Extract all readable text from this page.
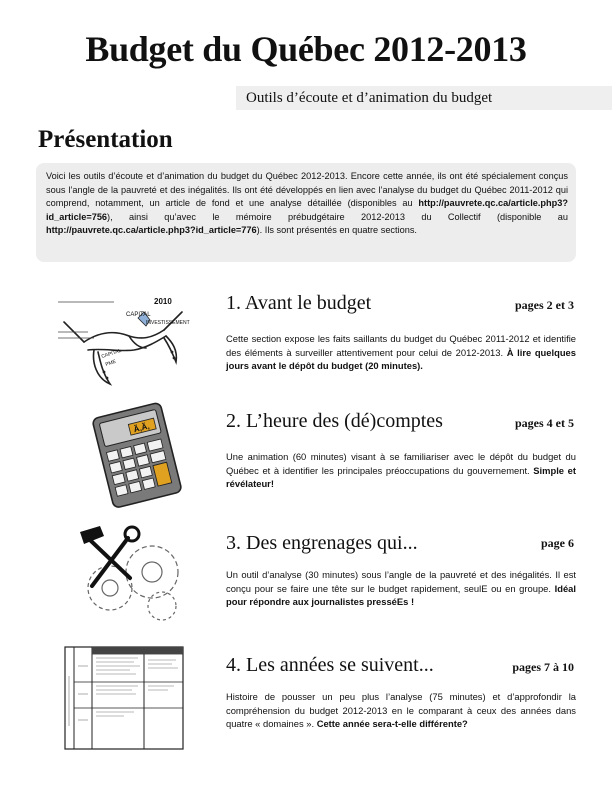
Budget du Québec 2012-2013

Outils d’écoute et d’animation du budget

Présentation

Voici les outils d’écoute et d’animation du budget du Québec 2012-2013. Encore cette année, ils ont été spécialement conçus sous l’angle de la pauvreté et des inégalités. Ils ont été développés en lien avec l’analyse du budget du Québec 2011-2012 qui comprend, notamment, un article de fond et une analyse détaillée (disponibles au http://pauvrete.qc.ca/article.php3?id_article=756), ainsi qu’avec le mémoire prébudgétaire 2012-2013 du Collectif (disponible au http://pauvrete.qc.ca/article.php3?id_article=776). Ils sont présentés en quatre sections.

2010
CAPITAL
INVESTISSEMENT
CAPITAL
PME

1. Avant le budget	pages 2 et 3

Cette section expose les faits saillants du budget du Québec 2011-2012 et identifie des éléments à surveiller attentivement pour celui de 2012-2013. À lire quelques jours avant le dépôt du budget (20 minutes).

Ã‚Ã‚	2. L’heure des (dé)comptes	pages 4 et 5

Une animation (60 minutes) visant à se familiariser avec le dépôt du budget du Québec et à identifier les principales préoccupations du gouvernement. Simple et révélateur!

3. Des engrenages qui...	page 6

Un outil d’analyse (30 minutes) sous l’angle de la pauvreté et des inégalités. Il est conçu pour se faire une tête sur le budget rapidement, seulE ou en groupe. Idéal pour répondre aux journalistes presséEs !

4. Les années se suivent...	pages 7 à 10

Histoire de pousser un peu plus l’analyse (75 minutes) et d’approfondir la compréhension du budget 2012-2013 en le comparant à ceux des années dans quatre « domaines ». Cette année sera-t-elle différente?
